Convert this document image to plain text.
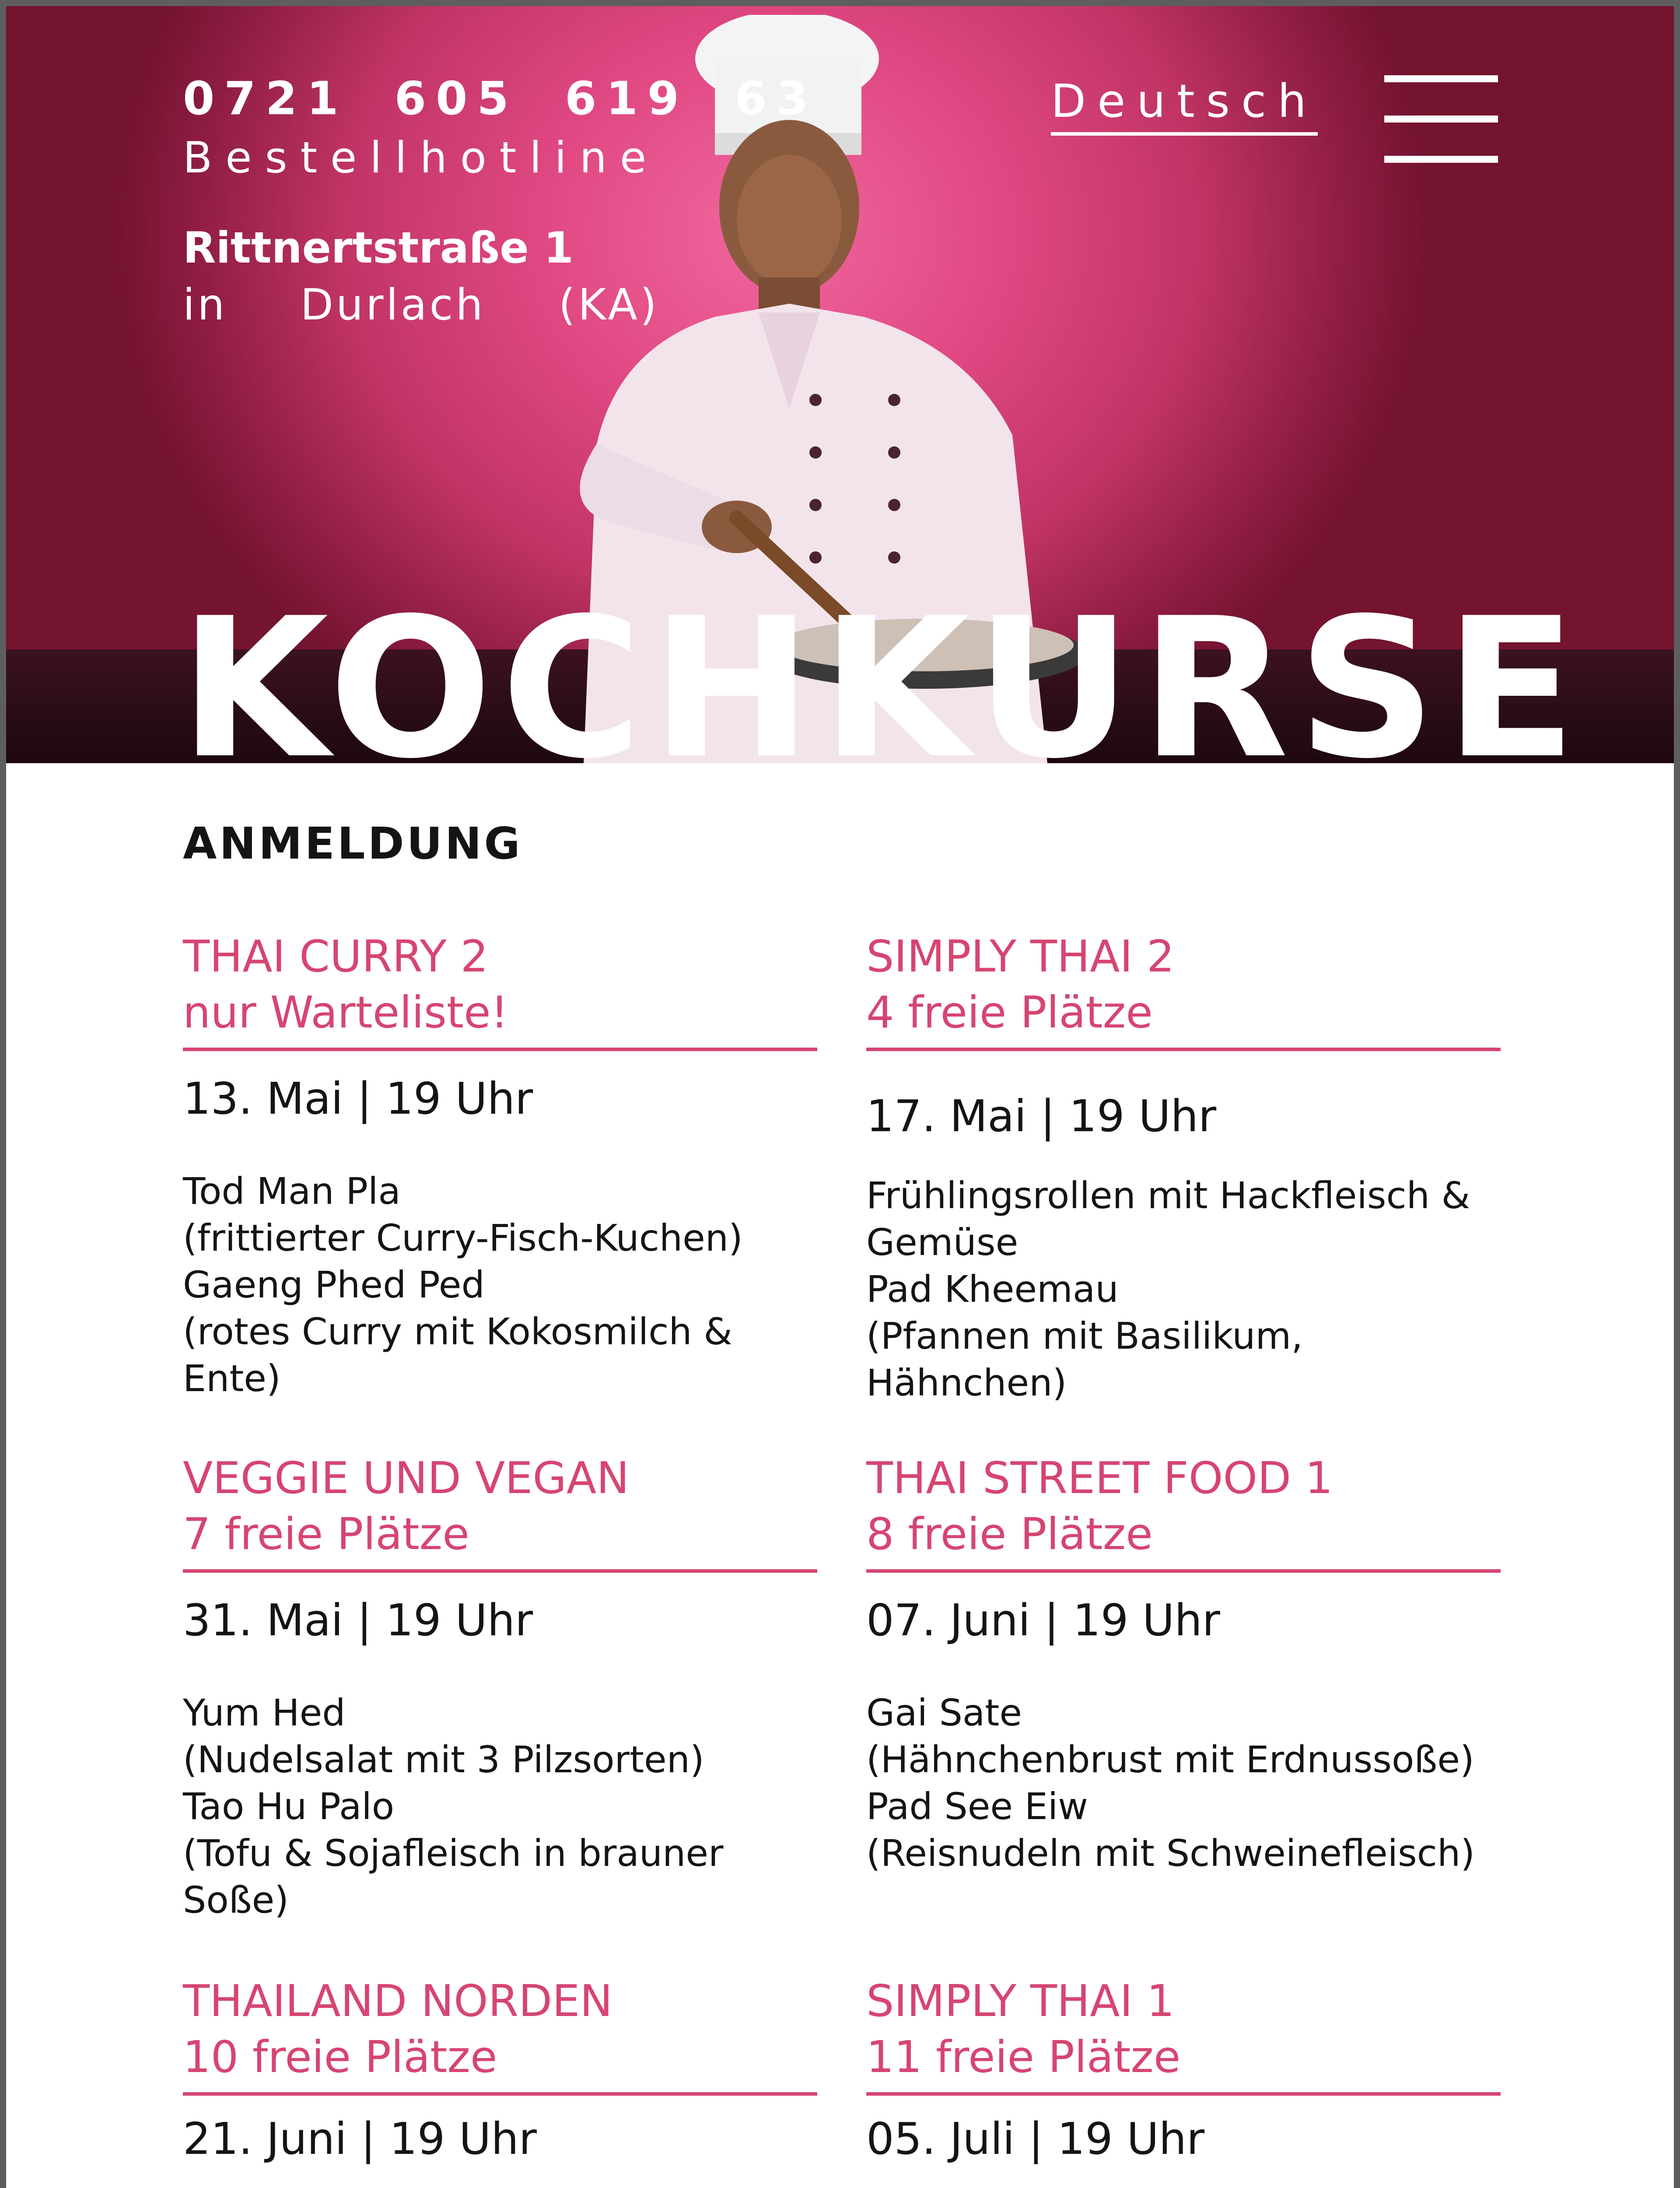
0721 605 619 63
Bestellhotline
Rittnertstraße 1
in Durlach (KA)
Deutsch
KOCHKURSE
ANMELDUNG
THAI CURRY 2
nur Warteliste!
13. Mai | 19 Uhr
Tod Man Pla
(frittierter Curry-Fisch-Kuchen)
Gaeng Phed Ped
(rotes Curry mit Kokosmilch & Ente)
SIMPLY THAI 2
4 freie Plätze
17. Mai | 19 Uhr
Frühlingsrollen mit Hackfleisch &
Gemüse
Pad Kheemau
(Pfannen mit Basilikum, Hähnchen)
VEGGIE UND VEGAN
7 freie Plätze
31. Mai | 19 Uhr
Yum Hed
(Nudelsalat mit 3 Pilzsorten)
Tao Hu Palo
(Tofu & Sojafleisch in brauner Soße)
THAI STREET FOOD 1
8 freie Plätze
07. Juni | 19 Uhr
Gai Sate
(Hähnchenbrust mit Erdnussoße)
Pad See Eiw
(Reisnudeln mit Schweinefleisch)
THAILAND NORDEN
10 freie Plätze
21. Juni | 19 Uhr
SIMPLY THAI 1
11 freie Plätze
05. Juli | 19 Uhr
